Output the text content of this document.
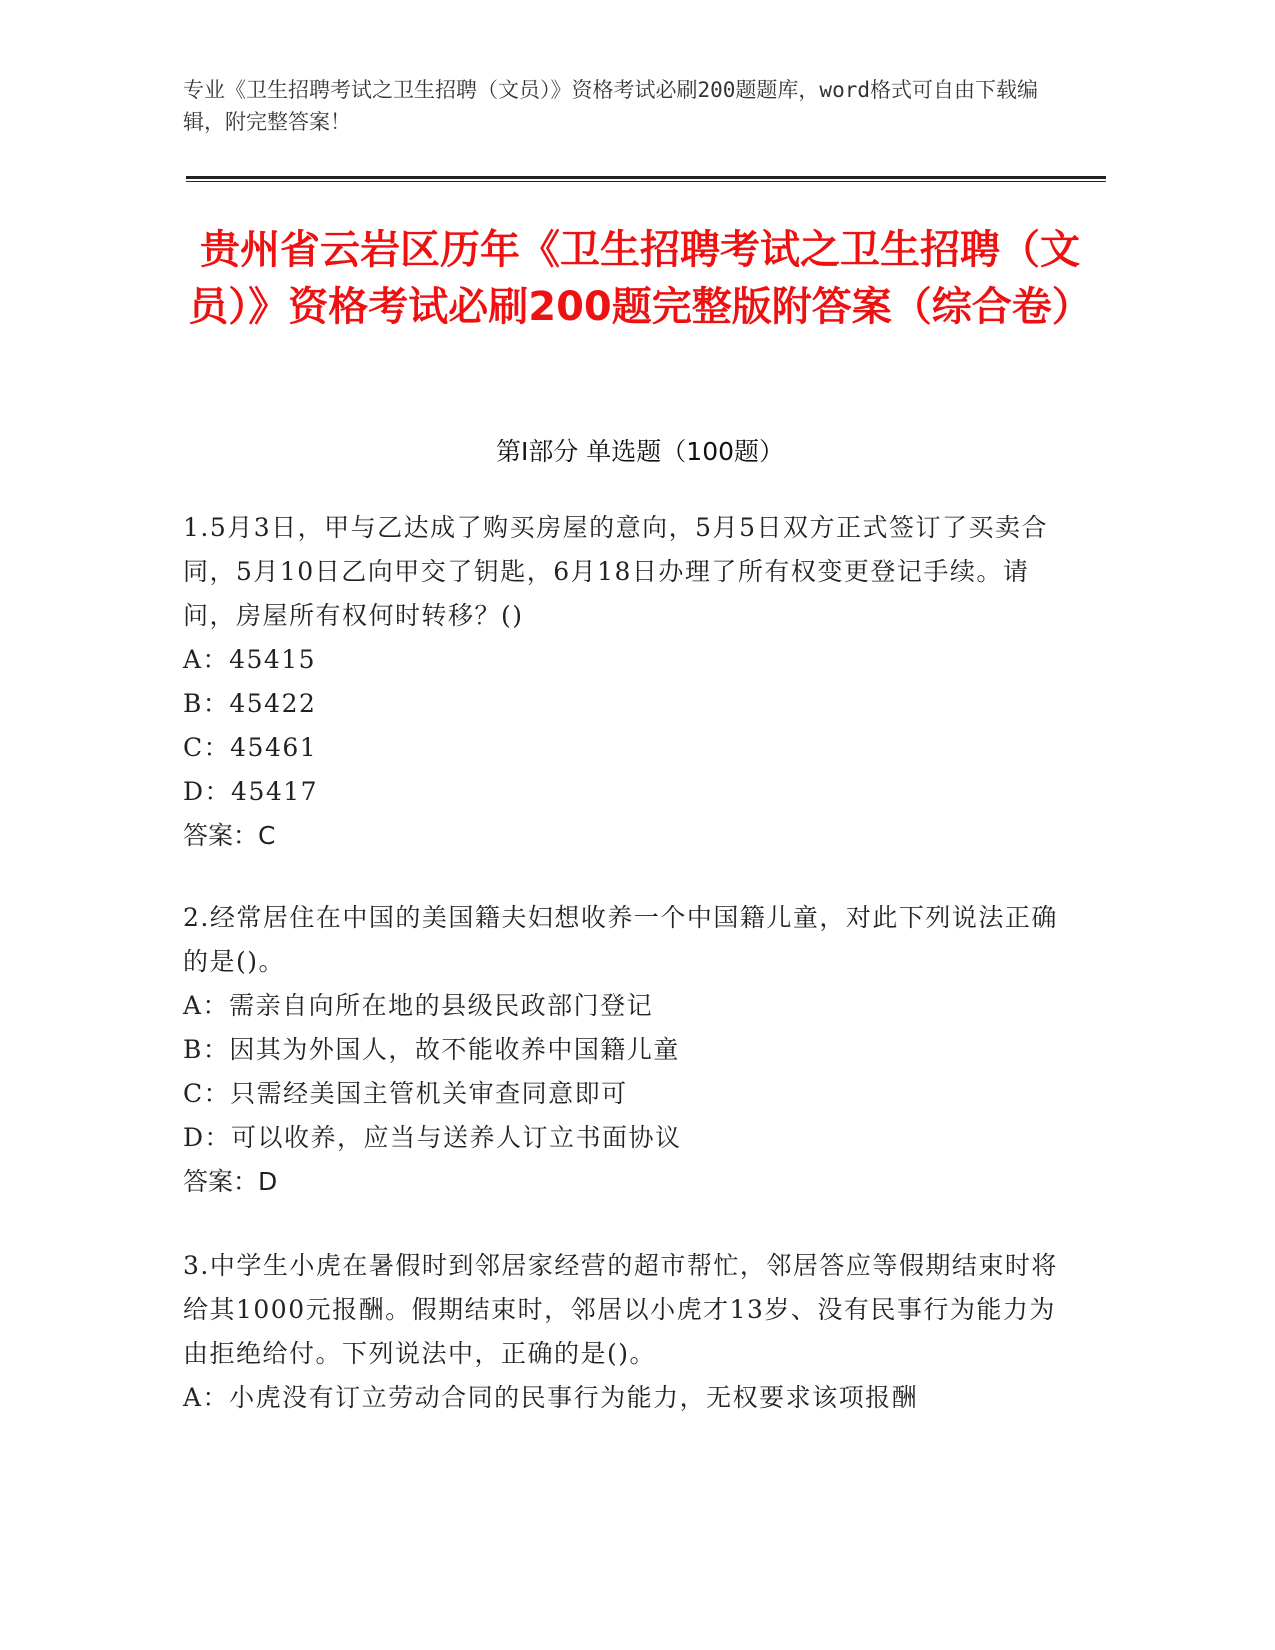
专业《卫生招聘考试之卫生招聘（文员）》资格考试必刷200题题库，word格式可自由下载编辑，附完整答案！
贵州省云岩区历年《卫生招聘考试之卫生招聘（文员）》资格考试必刷200题完整版附答案（综合卷）
第Ⅰ部分 单选题（100题）
1.5月3日，甲与乙达成了购买房屋的意向，5月5日双方正式签订了买卖合同，5月10日乙向甲交了钥匙，6月18日办理了所有权变更登记手续。请问，房屋所有权何时转移？()
A：45415
B：45422
C：45461
D：45417
答案：C
2.经常居住在中国的美国籍夫妇想收养一个中国籍儿童，对此下列说法正确的是()。
A：需亲自向所在地的县级民政部门登记
B：因其为外国人，故不能收养中国籍儿童
C：只需经美国主管机关审查同意即可
D：可以收养，应当与送养人订立书面协议
答案：D
3.中学生小虎在暑假时到邻居家经营的超市帮忙，邻居答应等假期结束时将给其1000元报酬。假期结束时，邻居以小虎才13岁、没有民事行为能力为由拒绝给付。下列说法中，正确的是()。
A：小虎没有订立劳动合同的民事行为能力，无权要求该项报酬
